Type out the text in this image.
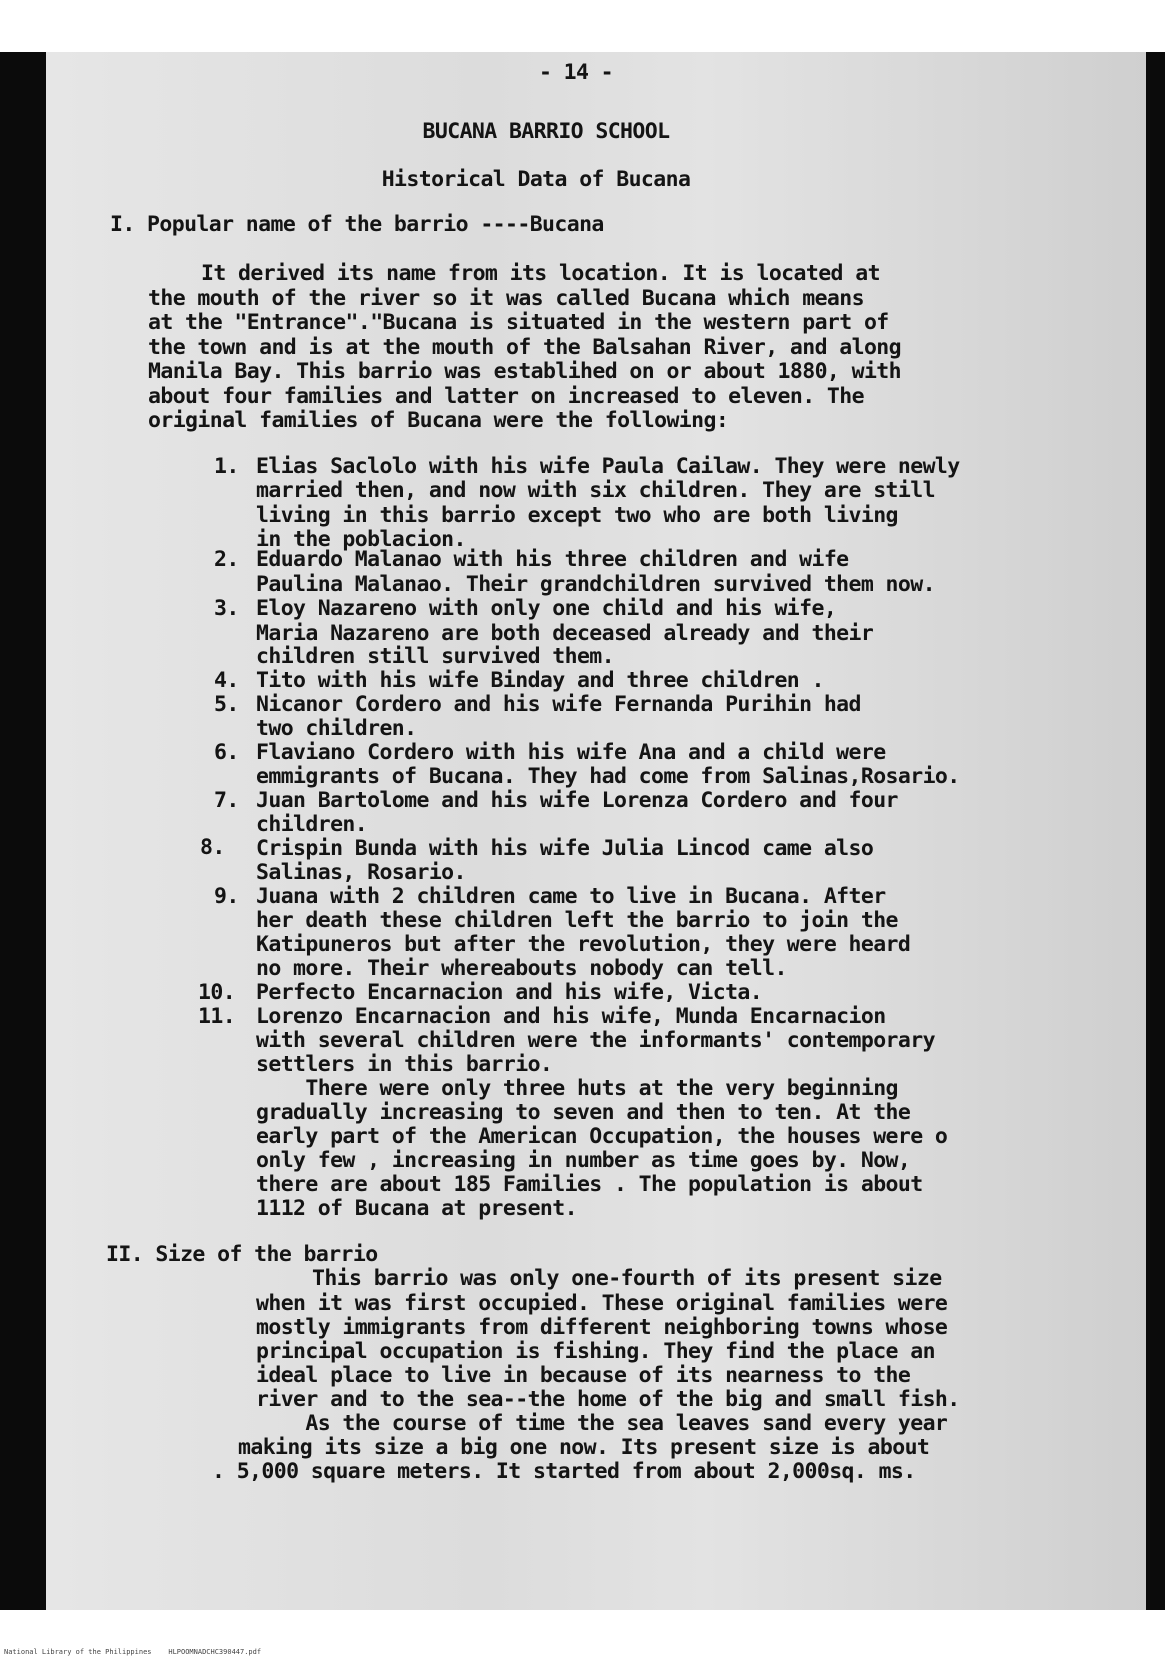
- 14 -

BUCANA BARRIO SCHOOL

Historical Data of Bucana

I. Popular name of the barrio ----Bucana

It derived its name from its location. It is located at

the mouth of the river so it was called Bucana which means

at the "Entrance"."Bucana is situated in the western part of

the town and is at the mouth of the Balsahan River, and along

Manila Bay. This barrio was establihed on or about 1880, with

about four families and latter on increased to eleven. The

original families of Bucana were the following:

1. Elias Saclolo with his wife Paula Cailaw. They were newly

married then, and now with six children. They are still

living in this barrio except two who are both living

in the poblacion.

2. Eduardo Malanao with his three children and wife

Paulina Malanao. Their grandchildren survived them now.

3. Eloy Nazareno with only one child and his wife,

Maria Nazareno are both deceased already and their

children still survived them.

4. Tito with his wife Binday and three children .

5. Nicanor Cordero and his wife Fernanda Purihin had

two children.

6. Flaviano Cordero with his wife Ana and a child were

emmigrants of Bucana. They had come from Salinas,Rosario.

7. Juan Bartolome and his wife Lorenza Cordero and four

children.

8. Crispin Bunda with his wife Julia Lincod came also

Salinas, Rosario.

9. Juana with 2 children came to live in Bucana. After

her death these children left the barrio to join the

Katipuneros but after the revolution, they were heard

no more. Their whereabouts nobody can tell.

10. Perfecto Encarnacion and his wife, Victa.

11. Lorenzo Encarnacion and his wife, Munda Encarnacion

with several children were the informants' contemporary

settlers in this barrio.

There were only three huts at the very beginning

gradually increasing to seven and then to ten. At the

early part of the American Occupation, the houses were o

only few , increasing in number as time goes by. Now,

there are about 185 Families . The population is about

1112 of Bucana at present.

II. Size of the barrio

This barrio was only one-fourth of its present size

when it was first occupied. These original families were

mostly immigrants from different neighboring towns whose

principal occupation is fishing. They find the place an

ideal place to live in because of its nearness to the

river and to the sea--the home of the big and small fish.

As the course of time the sea leaves sand every year

making its size a big one now. Its present size is about

. 5,000 square meters. It started from about 2,000sq. ms.

National Library of the Philippines    HLPOOMNADCHC390447.pdf
